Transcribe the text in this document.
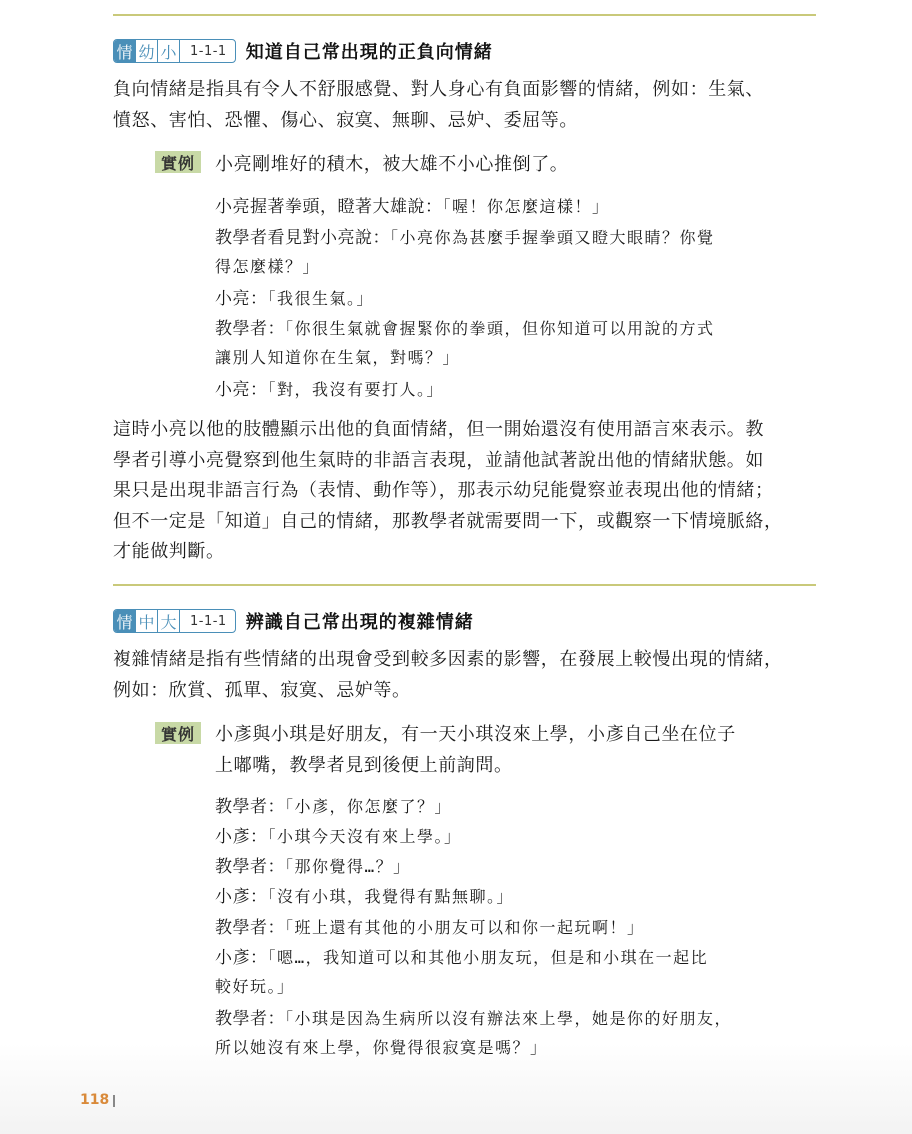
情 幼 小	1-1-1	知道自己常出現的正負向情緒

負向情緒是指具有令人不舒服感覺、對人身心有負面影響的情緒，例如：生氣、
憤怒、害怕、恐懼、傷心、寂寞、無聊、忌妒、委屈等。

實例	小亮剛堆好的積木，被大雄不小心推倒了。
小亮握著拳頭，瞪著大雄說：「喔！你怎麼這樣！」
教學者看見對小亮說：「小亮你為甚麼手握拳頭又瞪大眼睛？你覺
得怎麼樣？」
小亮：「我很生氣。」
教學者：「你很生氣就會握緊你的拳頭，但你知道可以用說的方式
讓別人知道你在生氣，對嗎？」
小亮：「對，我沒有要打人。」

這時小亮以他的肢體顯示出他的負面情緒，但一開始還沒有使用語言來表示。教
學者引導小亮覺察到他生氣時的非語言表現，並請他試著說出他的情緒狀態。如
果只是出現非語言行為（表情、動作等），那表示幼兒能覺察並表現出他的情緒；
但不一定是「知道」自己的情緒，那教學者就需要問一下，或觀察一下情境脈絡，
才能做判斷。

情 中 大	1-1-1	辨識自己常出現的複雜情緒

複雜情緒是指有些情緒的出現會受到較多因素的影響，在發展上較慢出現的情緒，
例如：欣賞、孤單、寂寞、忌妒等。

實例	小彥與小琪是好朋友，有一天小琪沒來上學，小彥自己坐在位子
上嘟嘴，教學者見到後便上前詢問。
教學者：「小彥，你怎麼了？」
小彥：「小琪今天沒有來上學。」
教學者：「那你覺得…？」
小彥：「沒有小琪，我覺得有點無聊。」
教學者：「班上還有其他的小朋友可以和你一起玩啊！」
小彥：「嗯…，我知道可以和其他小朋友玩，但是和小琪在一起比
較好玩。」
教學者：「小琪是因為生病所以沒有辦法來上學，她是你的好朋友，
所以她沒有來上學，你覺得很寂寞是嗎？」
118
